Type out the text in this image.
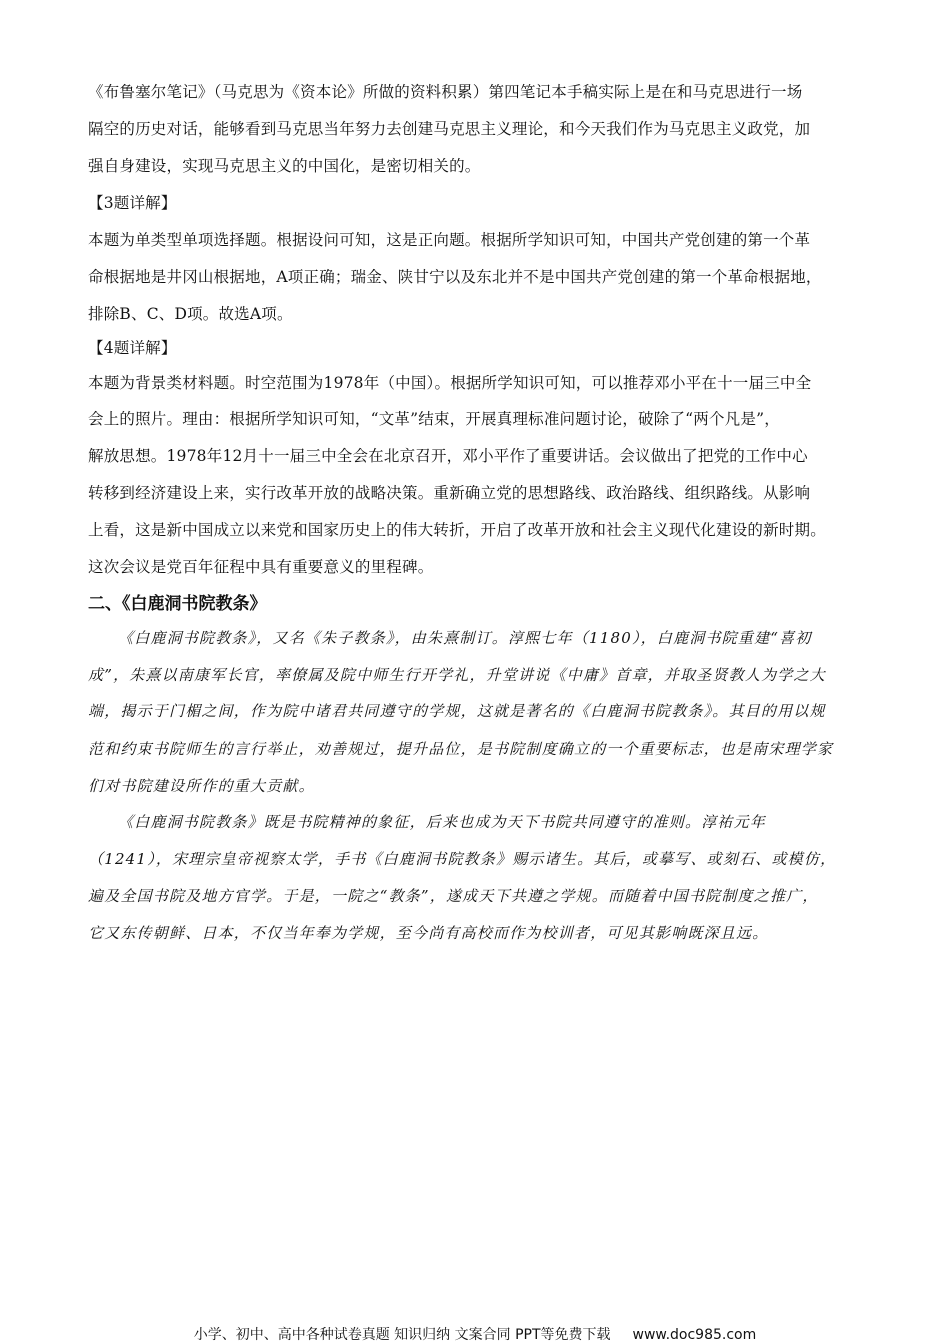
《布鲁塞尔笔记》（马克思为《资本论》所做的资料积累）第四笔记本手稿实际上是在和马克思进行一场
隔空的历史对话，能够看到马克思当年努力去创建马克思主义理论，和今天我们作为马克思主义政党，加
强自身建设，实现马克思主义的中国化，是密切相关的。
【3题详解】
本题为单类型单项选择题。根据设问可知，这是正向题。根据所学知识可知，中国共产党创建的第一个革
命根据地是井冈山根据地，A项正确；瑞金、陕甘宁以及东北并不是中国共产党创建的第一个革命根据地，
排除B、C、D项。故选A项。
【4题详解】
本题为背景类材料题。时空范围为1978年（中国）。根据所学知识可知，可以推荐邓小平在十一届三中全
会上的照片。理由：根据所学知识可知，“文革”结束，开展真理标准问题讨论，破除了“两个凡是”，
解放思想。1978年12月十一届三中全会在北京召开，邓小平作了重要讲话。会议做出了把党的工作中心
转移到经济建设上来，实行改革开放的战略决策。重新确立党的思想路线、政治路线、组织路线。从影响
上看，这是新中国成立以来党和国家历史上的伟大转折，开启了改革开放和社会主义现代化建设的新时期。
这次会议是党百年征程中具有重要意义的里程碑。
二、《白鹿洞书院教条》
《白鹿洞书院教条》，又名《朱子教条》，由朱熹制订。淳熙七年（1180），白鹿洞书院重建“喜初
成”，朱熹以南康军长官，率僚属及院中师生行开学礼，升堂讲说《中庸》首章，并取圣贤教人为学之大
端，揭示于门楣之间，作为院中诸君共同遵守的学规，这就是著名的《白鹿洞书院教条》。其目的用以规
范和约束书院师生的言行举止，劝善规过，提升品位，是书院制度确立的一个重要标志，也是南宋理学家
们对书院建设所作的重大贡献。
《白鹿洞书院教条》既是书院精神的象征，后来也成为天下书院共同遵守的准则。淳祐元年
（1241），宋理宗皇帝视察太学，手书《白鹿洞书院教条》赐示诸生。其后，或摹写、或刻石、或模仿，
遍及全国书院及地方官学。于是，一院之“教条”，遂成天下共遵之学规。而随着中国书院制度之推广，
它又东传朝鲜、日本，不仅当年奉为学规，至今尚有高校而作为校训者，可见其影响既深且远。
小学、初中、高中各种试卷真题 知识归纳 文案合同 PPT等免费下载 www.doc985.com
